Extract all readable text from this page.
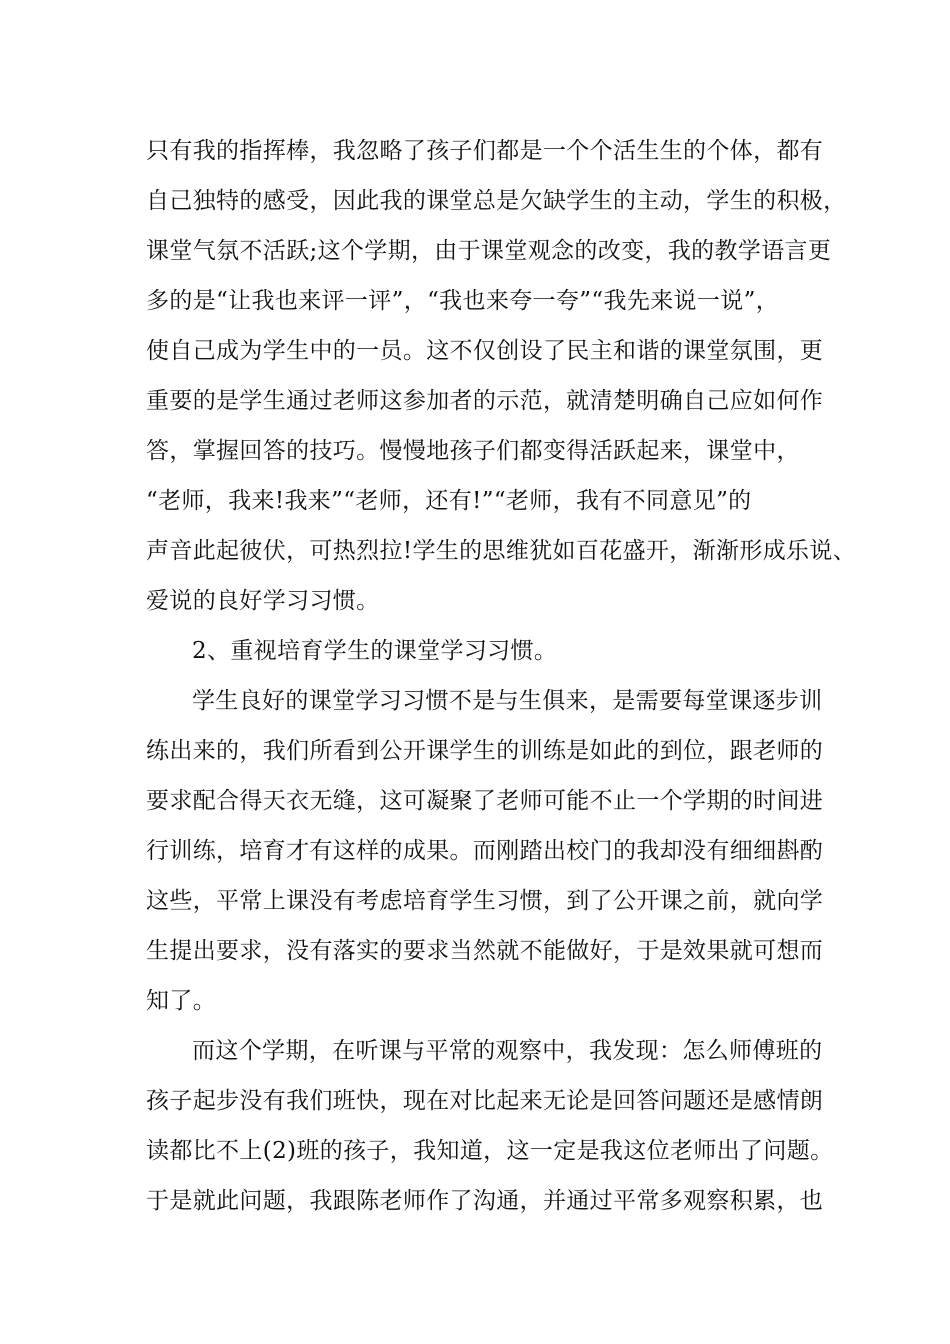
只有我的指挥棒，我忽略了孩子们都是一个个活生生的个体，都有
自己独特的感受，因此我的课堂总是欠缺学生的主动，学生的积极，
课堂气氛不活跃;这个学期，由于课堂观念的改变，我的教学语言更
多的是“让我也来评一评”，“我也来夸一夸”“我先来说一说”，
使自己成为学生中的一员。这不仅创设了民主和谐的课堂氛围，更
重要的是学生通过老师这参加者的示范，就清楚明确自己应如何作
答，掌握回答的技巧。慢慢地孩子们都变得活跃起来，课堂中，
“老师，我来!我来”“老师，还有!”“老师，我有不同意见”的
声音此起彼伏，可热烈拉!学生的思维犹如百花盛开，渐渐形成乐说、
爱说的良好学习习惯。
2、重视培育学生的课堂学习习惯。
学生良好的课堂学习习惯不是与生俱来，是需要每堂课逐步训
练出来的，我们所看到公开课学生的训练是如此的到位，跟老师的
要求配合得天衣无缝，这可凝聚了老师可能不止一个学期的时间进
行训练，培育才有这样的成果。而刚踏出校门的我却没有细细斟酌
这些，平常上课没有考虑培育学生习惯，到了公开课之前，就向学
生提出要求，没有落实的要求当然就不能做好，于是效果就可想而
知了。
而这个学期，在听课与平常的观察中，我发现：怎么师傅班的
孩子起步没有我们班快，现在对比起来无论是回答问题还是感情朗
读都比不上(2)班的孩子，我知道，这一定是我这位老师出了问题。
于是就此问题，我跟陈老师作了沟通，并通过平常多观察积累，也
